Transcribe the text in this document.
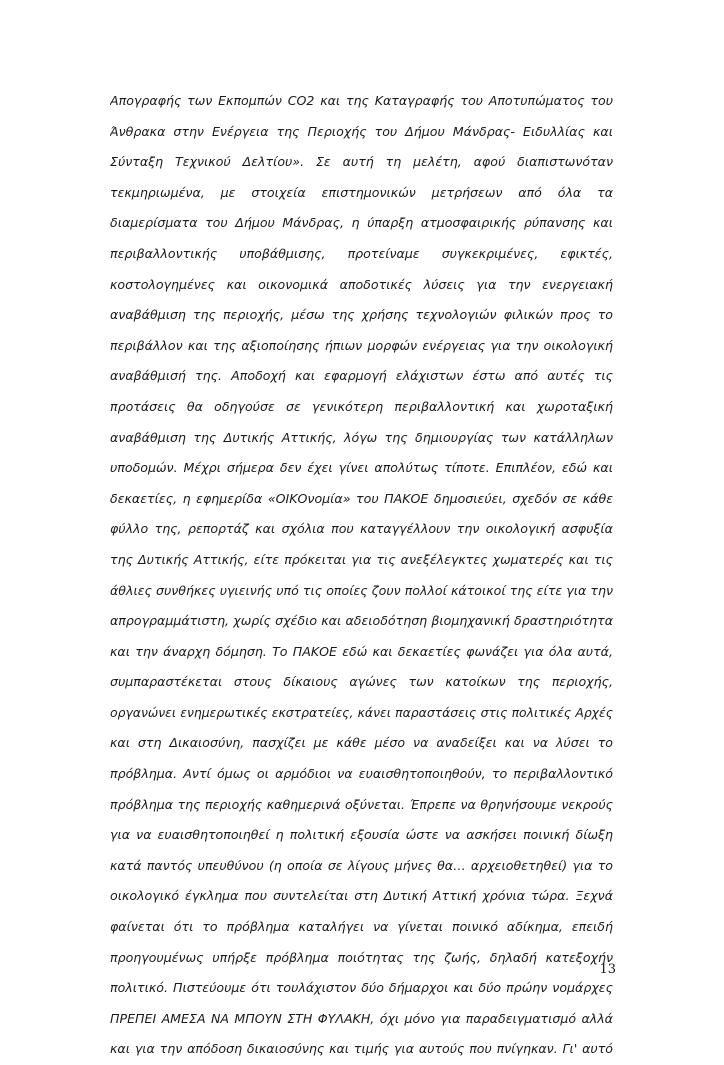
Απογραφής των Εκπομπών CO2 και της Καταγραφής του Αποτυπώματος του
Άνθρακα στην Ενέργεια της Περιοχής του Δήμου Μάνδρας- Ειδυλλίας και
Σύνταξη Τεχνικού Δελτίου». Σε αυτή τη μελέτη, αφού διαπιστωνόταν
τεκμηριωμένα, με στοιχεία επιστημονικών μετρήσεων από όλα τα
διαμερίσματα του Δήμου Μάνδρας, η ύπαρξη ατμοσφαιρικής ρύπανσης και
περιβαλλοντικής υποβάθμισης, προτείναμε συγκεκριμένες, εφικτές,
κοστολογημένες και οικονομικά αποδοτικές λύσεις για την ενεργειακή
αναβάθμιση της περιοχής, μέσω της χρήσης τεχνολογιών φιλικών προς το
περιβάλλον και της αξιοποίησης ήπιων μορφών ενέργειας για την οικολογική
αναβάθμισή της. Αποδοχή και εφαρμογή ελάχιστων έστω από αυτές τις
προτάσεις θα οδηγούσε σε γενικότερη περιβαλλοντική και χωροταξική
αναβάθμιση της Δυτικής Αττικής, λόγω της δημιουργίας των κατάλληλων
υποδομών. Μέχρι σήμερα δεν έχει γίνει απολύτως τίποτε. Επιπλέον, εδώ και
δεκαετίες, η εφημερίδα «ΟΙΚΟνομία» του ΠΑΚΟΕ δημοσιεύει, σχεδόν σε κάθε
φύλλο της, ρεπορτάζ και σχόλια που καταγγέλλουν την οικολογική ασφυξία
της Δυτικής Αττικής, είτε πρόκειται για τις ανεξέλεγκτες χωματερές και τις
άθλιες συνθήκες υγιεινής υπό τις οποίες ζουν πολλοί κάτοικοί της είτε για την
απρογραμμάτιστη, χωρίς σχέδιο και αδειοδότηση βιομηχανική δραστηριότητα
και την άναρχη δόμηση. Το ΠΑΚΟΕ εδώ και δεκαετίες φωνάζει για όλα αυτά,
συμπαραστέκεται στους δίκαιους αγώνες των κατοίκων της περιοχής,
οργανώνει ενημερωτικές εκστρατείες, κάνει παραστάσεις στις πολιτικές Αρχές
και στη Δικαιοσύνη, πασχίζει με κάθε μέσο να αναδείξει και να λύσει το
πρόβλημα. Αντί όμως οι αρμόδιοι να ευαισθητοποιηθούν, το περιβαλλοντικό
πρόβλημα της περιοχής καθημερινά οξύνεται. Έπρεπε να θρηνήσουμε νεκρούς
για να ευαισθητοποιηθεί η πολιτική εξουσία ώστε να ασκήσει ποινική δίωξη
κατά παντός υπευθύνου (η οποία σε λίγους μήνες θα… αρχειοθετηθεί) για το
οικολογικό έγκλημα που συντελείται στη Δυτική Αττική χρόνια τώρα. Ξεχνά
φαίνεται ότι το πρόβλημα καταλήγει να γίνεται ποινικό αδίκημα, επειδή
προηγουμένως υπήρξε πρόβλημα ποιότητας της ζωής, δηλαδή κατεξοχήν
πολιτικό. Πιστεύουμε ότι τουλάχιστον δύο δήμαρχοι και δύο πρώην νομάρχες
ΠΡΕΠΕΙ ΑΜΕΣΑ ΝΑ ΜΠΟΥΝ ΣΤΗ ΦΥΛΑΚΗ, όχι μόνο για παραδειγματισμό αλλά
και για την απόδοση δικαιοσύνης και τιμής για αυτούς που πνίγηκαν. Γι' αυτό
13
